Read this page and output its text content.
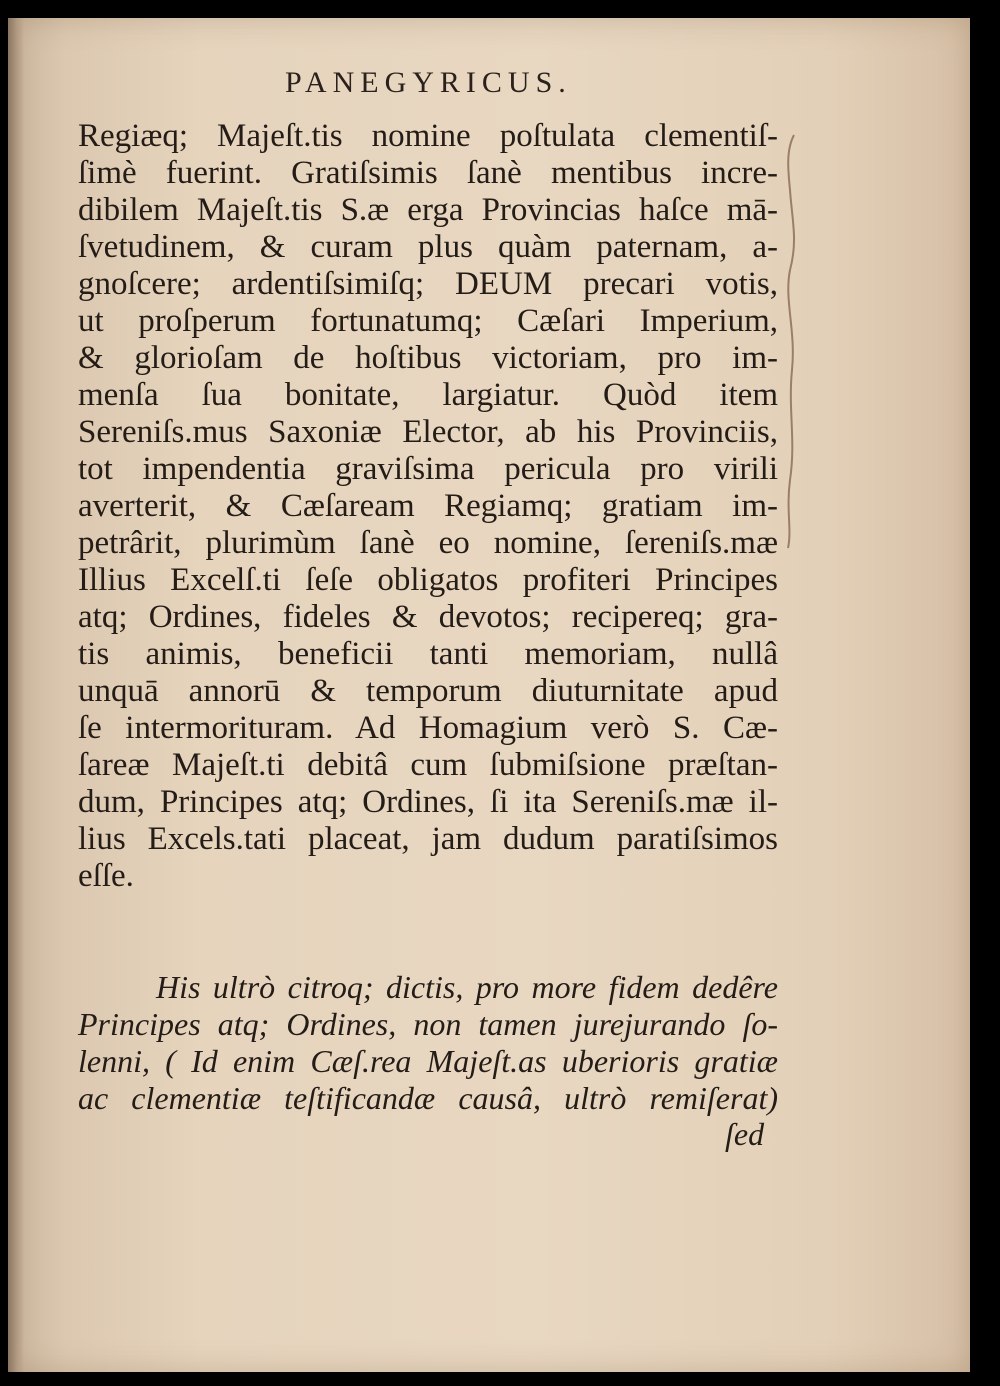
PANEGYRICUS.
Regiæq; Majeſt.tis nomine poſtulata clementiſ-
ſimè fuerint. Gratiſsimis ſanè mentibus incre-
dibilem Majeſt.tis S.æ erga Provincias haſce mā-
ſvetudinem, & curam plus quàm paternam, a-
gnoſcere; ardentiſsimiſq; DEUM precari votis,
ut proſperum fortunatumq; Cæſari Imperium,
& glorioſam de hoſtibus victoriam, pro im-
menſa ſua bonitate, largiatur. Quòd item
Sereniſs.mus Saxoniæ Elector, ab his Provinciis,
tot impendentia graviſsima pericula pro virili
averterit, & Cæſaream Regiamq; gratiam im-
petrârit, plurimùm ſanè eo nomine, ſereniſs.mæ
Illius Excelſ.ti ſeſe obligatos profiteri Principes
atq; Ordines, fideles & devotos; recipereq; gra-
tis animis, beneficii tanti memoriam, nullâ
unquā annorū & temporum diuturnitate apud
ſe intermorituram. Ad Homagium verò S. Cæ-
ſareæ Majeſt.ti debitâ cum ſubmiſsione præſtan-
dum, Principes atq; Ordines, ſi ita Sereniſs.mæ il-
lius Excels.tati placeat, jam dudum paratiſsimos
eſſe.
His ultrò citroq; dictis, pro more fidem dedêre
Principes atq; Ordines, non tamen jurejurando ſo-
lenni, ( Id enim Cæſ.rea Majeſt.as uberioris gratiæ
ac clementiæ teſtificandæ causâ, ultrò remiſerat)
ſed
